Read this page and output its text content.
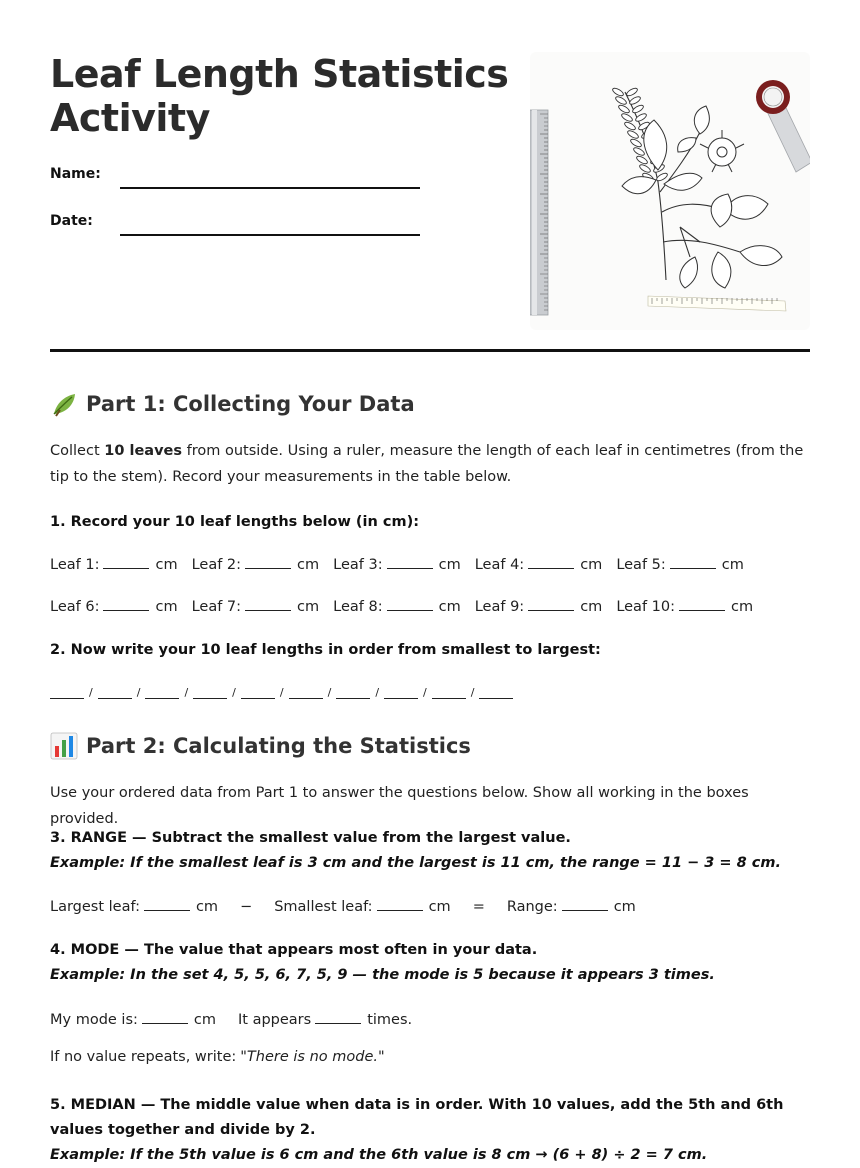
Leaf Length Statistics Activity
Name:
Date:
Part 1: Collecting Your Data

Collect 10 leaves from outside. Using a ruler, measure the length of each leaf in centimetres (from the tip to the stem). Record your measurements in the table below.

1. Record your 10 leaf lengths below (in cm):

Leaf 1:	cm Leaf 2:	cm Leaf 3:	cm Leaf 4:	cm Leaf 5:	cm
Leaf 6:	cm Leaf 7:	cm Leaf 8:	cm Leaf 9:	cm Leaf 10:	cm

2. Now write your 10 leaf lengths in order from smallest to largest:

/	/	/	/	/	/	/	/	/
Part 2: Calculating the Statistics

Use your ordered data from Part 1 to answer the questions below. Show all working in the boxes provided.

3. RANGE — Subtract the smallest value from the largest value.

Example: If the smallest leaf is 3 cm and the largest is 11 cm, the range = 11 − 3 = 8 cm.

Largest leaf:	cm − Smallest leaf:	cm = Range:	cm

4. MODE — The value that appears most often in your data.

Example: In the set 4, 5, 5, 6, 7, 5, 9 — the mode is 5 because it appears 3 times.

My mode is:	cm It appears	times.
If no value repeats, write: "There is no mode."

5. MEDIAN — The middle value when data is in order. With 10 values, add the 5th and 6th values together and divide by 2.

Example: If the 5th value is 6 cm and the 6th value is 8 cm → (6 + 8) ÷ 2 = 7 cm.
